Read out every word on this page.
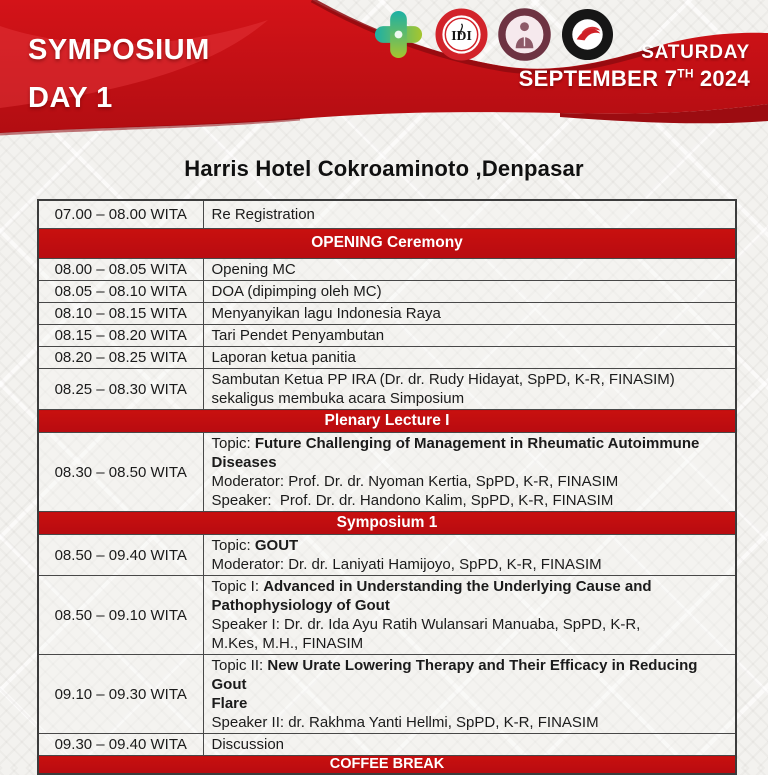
SYMPOSIUM
DAY 1
IDI
SATURDAY
SEPTEMBER 7TH 2024
Harris Hotel Cokroaminoto ,Denpasar
07.00 – 08.00 WITA	Re Registration

OPENING Ceremony	
08.00 – 08.05 WITA	Opening MC

08.05 – 08.10 WITA	DOA (dipimping oleh MC)

08.10 – 08.15 WITA	Menyanyikan lagu Indonesia Raya

08.15 – 08.20 WITA	Tari Pendet Penyambutan

08.20 – 08.25 WITA	Laporan ketua panitia

08.25 – 08.30 WITA	Sambutan Ketua PP IRA (Dr. dr. Rudy Hidayat, SpPD, K-R, FINASIM)
sekaligus membuka acara Simposium

Plenary Lecture I	
08.30 – 08.50 WITA	Topic: Future Challenging of Management in Rheumatic Autoimmune
Diseases
Moderator: Prof. Dr. dr. Nyoman Kertia, SpPD, K-R, FINASIM
Speaker:  Prof. Dr. dr. Handono Kalim, SpPD, K-R, FINASIM

Symposium 1	
08.50 – 09.40 WITA	Topic: GOUT
Moderator: Dr. dr. Laniyati Hamijoyo, SpPD, K-R, FINASIM

08.50 – 09.10 WITA	Topic I: Advanced in Understanding the Underlying Cause and
Pathophysiology of Gout
Speaker I: Dr. dr. Ida Ayu Ratih Wulansari Manuaba, SpPD, K-R,
M.Kes, M.H., FINASIM

09.10 – 09.30 WITA	Topic II: New Urate Lowering Therapy and Their Efficacy in Reducing Gout
Flare
Speaker II: dr. Rakhma Yanti Hellmi, SpPD, K-R, FINASIM

09.30 – 09.40 WITA	Discussion

COFFEE BREAK	
